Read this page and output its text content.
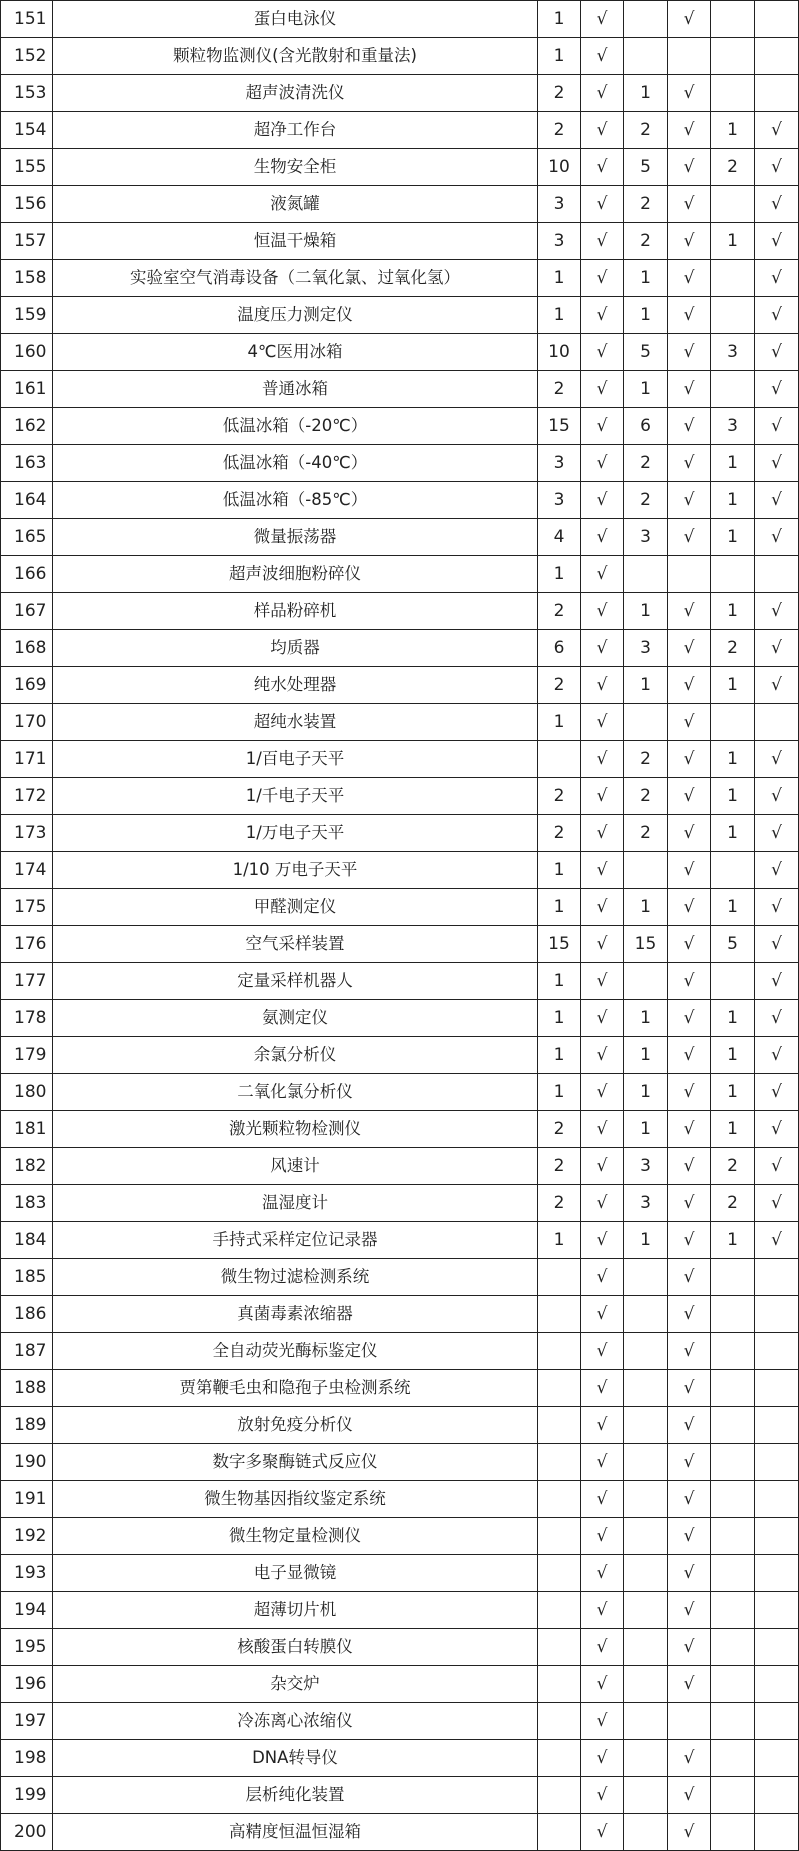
151	蛋白电泳仪	1	√		√		
152	颗粒物监测仪(含光散射和重量法)	1	√				
153	超声波清洗仪	2	√	1	√		
154	超净工作台	2	√	2	√	1	√
155	生物安全柜	10	√	5	√	2	√
156	液氮罐	3	√	2	√		√
157	恒温干燥箱	3	√	2	√	1	√
158	实验室空气消毒设备（二氧化氯、过氧化氢）	1	√	1	√		√
159	温度压力测定仪	1	√	1	√		√
160	4℃医用冰箱	10	√	5	√	3	√
161	普通冰箱	2	√	1	√		√
162	低温冰箱（-20℃）	15	√	6	√	3	√
163	低温冰箱（-40℃）	3	√	2	√	1	√
164	低温冰箱（-85℃）	3	√	2	√	1	√
165	微量振荡器	4	√	3	√	1	√
166	超声波细胞粉碎仪	1	√				
167	样品粉碎机	2	√	1	√	1	√
168	均质器	6	√	3	√	2	√
169	纯水处理器	2	√	1	√	1	√
170	超纯水装置	1	√		√		
171	1/百电子天平		√	2	√	1	√
172	1/千电子天平	2	√	2	√	1	√
173	1/万电子天平	2	√	2	√	1	√
174	1/10 万电子天平	1	√		√		√
175	甲醛测定仪	1	√	1	√	1	√
176	空气采样装置	15	√	15	√	5	√
177	定量采样机器人	1	√		√		√
178	氨测定仪	1	√	1	√	1	√
179	余氯分析仪	1	√	1	√	1	√
180	二氧化氯分析仪	1	√	1	√	1	√
181	激光颗粒物检测仪	2	√	1	√	1	√
182	风速计	2	√	3	√	2	√
183	温湿度计	2	√	3	√	2	√
184	手持式采样定位记录器	1	√	1	√	1	√
185	微生物过滤检测系统		√		√		
186	真菌毒素浓缩器		√		√		
187	全自动荧光酶标鉴定仪		√		√		
188	贾第鞭毛虫和隐孢子虫检测系统		√		√		
189	放射免疫分析仪		√		√		
190	数字多聚酶链式反应仪		√		√		
191	微生物基因指纹鉴定系统		√		√		
192	微生物定量检测仪		√		√		
193	电子显微镜		√		√		
194	超薄切片机		√		√		
195	核酸蛋白转膜仪		√		√		
196	杂交炉		√		√		
197	冷冻离心浓缩仪		√				
198	DNA转导仪		√		√		
199	层析纯化装置		√		√		
200	高精度恒温恒湿箱		√		√		
